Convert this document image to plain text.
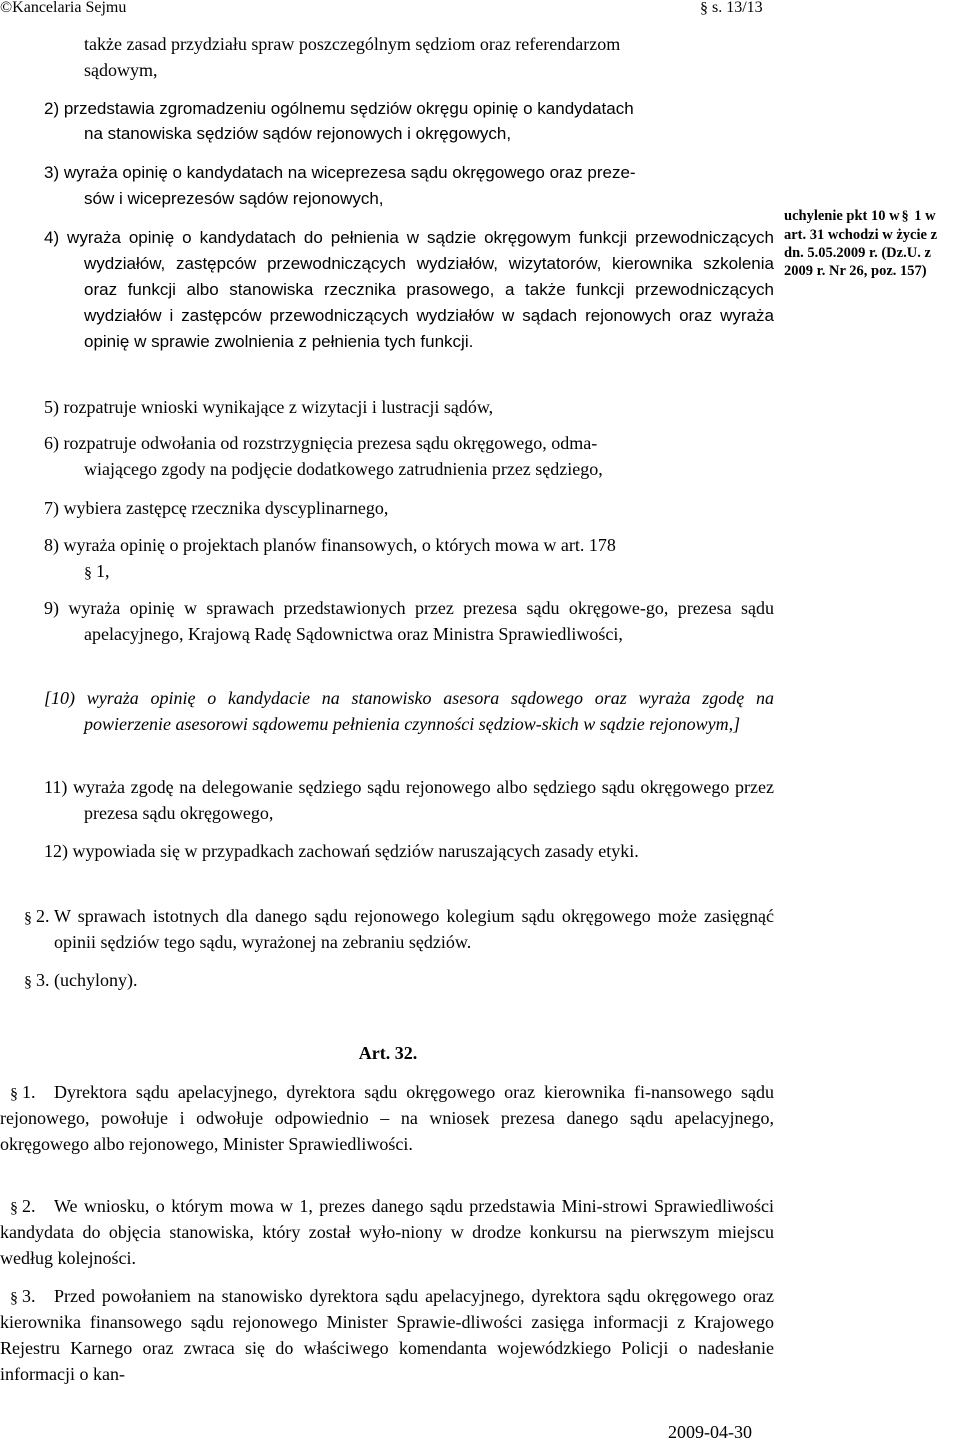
©Kancelaria Sejmu	§ s. 13/13
także zasad przydziału spraw poszczególnym sędziom oraz referendarzom
sądowym,
2) przedstawia zgromadzeniu ogólnemu sędziów okręgu opinię o kandydatach
na stanowiska sędziów sądów rejonowych i okręgowych,
3) wyraża opinię o kandydatach na wiceprezesa sądu okręgowego oraz preze-
sów i wiceprezesów sądów rejonowych,
4) wyraża opinię o kandydatach do pełnienia w sądzie okręgowym funkcji przewodniczących wydziałów, zastępców przewodniczących wydziałów, wizytatorów, kierownika szkolenia oraz funkcji albo stanowiska rzecznika prasowego, a także funkcji przewodniczących wydziałów i zastępców przewodniczących wydziałów w sądach rejonowych oraz wyraża opinię w sprawie zwolnienia z pełnienia tych funkcji.
5) rozpatruje wnioski wynikające z wizytacji i lustracji sądów,
6) rozpatruje odwołania od rozstrzygnięcia prezesa sądu okręgowego, odma-
wiającego zgody na podjęcie dodatkowego zatrudnienia przez sędziego,
7) wybiera zastępcę rzecznika dyscyplinarnego,
8) wyraża opinię o projektach planów finansowych, o których mowa w art. 178
§ 1,
9) wyraża opinię w sprawach przedstawionych przez prezesa sądu okręgowe-go, prezesa sądu apelacyjnego, Krajową Radę Sądownictwa oraz Ministra Sprawiedliwości,
[10) wyraża opinię o kandydacie na stanowisko asesora sądowego oraz wyraża zgodę na powierzenie asesorowi sądowemu pełnienia czynności sędziow-skich w sądzie rejonowym,]
11) wyraża zgodę na delegowanie sędziego sądu rejonowego albo sędziego sądu okręgowego przez prezesa sądu okręgowego,
12) wypowiada się w przypadkach zachowań sędziów naruszających zasady etyki.
§ 2. W sprawach istotnych dla danego sądu rejonowego kolegium sądu okręgowego może zasięgnąć opinii sędziów tego sądu, wyrażonej na zebraniu sędziów.
§ 3. (uchylony).
Art. 32.
§ 1.	Dyrektora sądu apelacyjnego, dyrektora sądu okręgowego oraz kierownika fi-nansowego sądu rejonowego, powołuje i odwołuje odpowiednio – na wniosek prezesa danego sądu apelacyjnego, okręgowego albo rejonowego, Minister Sprawiedliwości.
§ 2.	We wniosku, o którym mowa w 1, prezes danego sądu przedstawia Mini-strowi Sprawiedliwości kandydata do objęcia stanowiska, który został wyło-niony w drodze konkursu na pierwszym miejscu według kolejności.
§ 3.	Przed powołaniem na stanowisko dyrektora sądu apelacyjnego, dyrektora sądu okręgowego oraz kierownika finansowego sądu rejonowego Minister Sprawie-dliwości zasięga informacji z Krajowego Rejestru Karnego oraz zwraca się do właściwego komendanta wojewódzkiego Policji o nadesłanie informacji o kan-
uchylenie pkt 10 w § 1 w art. 31 wchodzi w życie z dn. 5.05.2009 r. (Dz.U. z 2009 r. Nr 26, poz. 157)
2009-04-30
